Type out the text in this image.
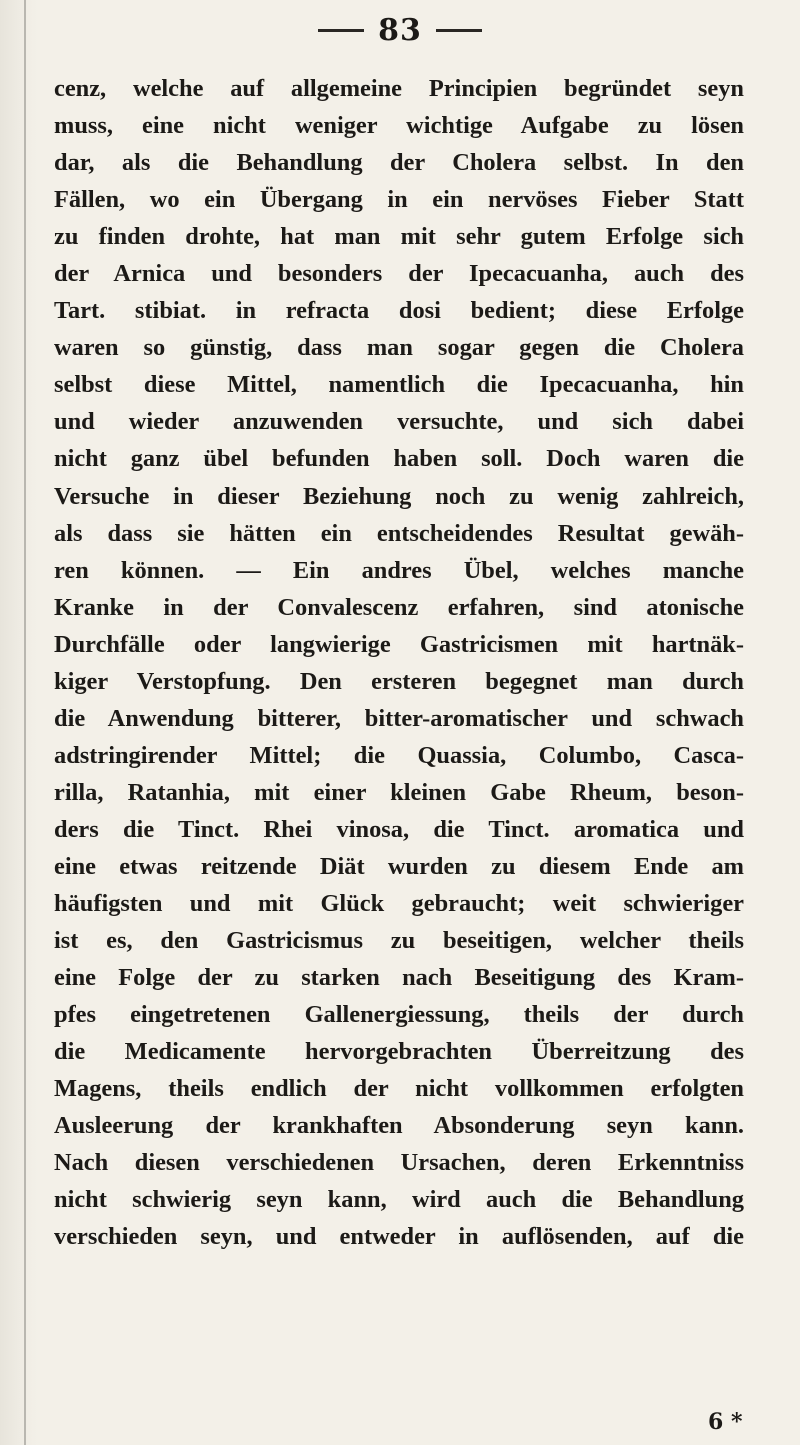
83
cenz, welche auf allgemeine Principien begründet seyn
muss, eine nicht weniger wichtige Aufgabe zu lösen
dar, als die Behandlung der Cholera selbst. In den
Fällen, wo ein Übergang in ein nervöses Fieber Statt
zu finden drohte, hat man mit sehr gutem Erfolge sich
der Arnica und besonders der Ipecacuanha, auch des
Tart. stibiat. in refracta dosi bedient; diese Erfolge
waren so günstig, dass man sogar gegen die Cholera
selbst diese Mittel, namentlich die Ipecacuanha, hin
und wieder anzuwenden versuchte, und sich dabei
nicht ganz übel befunden haben soll. Doch waren die
Versuche in dieser Beziehung noch zu wenig zahlreich,
als dass sie hätten ein entscheidendes Resultat gewäh-
ren können. — Ein andres Übel, welches manche
Kranke in der Convalescenz erfahren, sind atonische
Durchfälle oder langwierige Gastricismen mit hartnäk-
kiger Verstopfung. Den ersteren begegnet man durch
die Anwendung bitterer, bitter-aromatischer und schwach
adstringirender Mittel; die Quassia, Columbo, Casca-
rilla, Ratanhia, mit einer kleinen Gabe Rheum, beson-
ders die Tinct. Rhei vinosa, die Tinct. aromatica und
eine etwas reitzende Diät wurden zu diesem Ende am
häufigsten und mit Glück gebraucht; weit schwieriger
ist es, den Gastricismus zu beseitigen, welcher theils
eine Folge der zu starken nach Beseitigung des Kram-
pfes eingetretenen Gallenergiessung, theils der durch
die Medicamente hervorgebrachten Überreitzung des
Magens, theils endlich der nicht vollkommen erfolgten
Ausleerung der krankhaften Absonderung seyn kann.
Nach diesen verschiedenen Ursachen, deren Erkenntniss
nicht schwierig seyn kann, wird auch die Behandlung
verschieden seyn, und entweder in auflösenden, auf die
6 *
